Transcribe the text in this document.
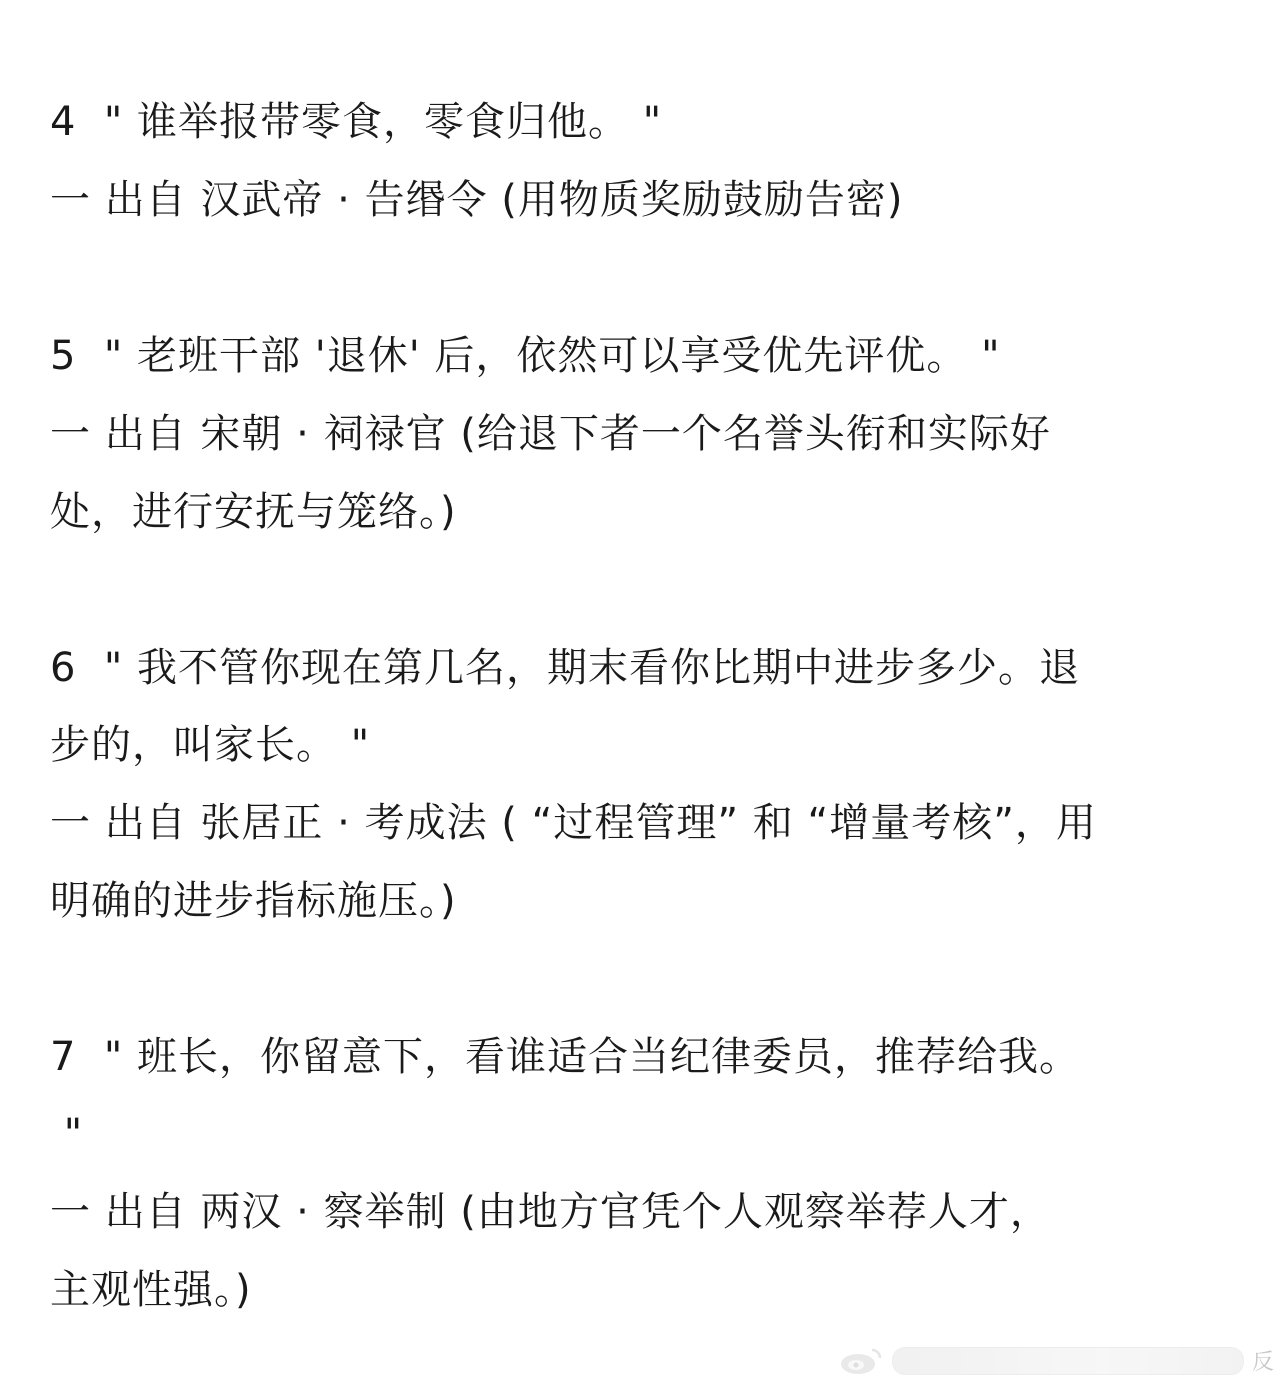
4  " 谁举报带零食，零食归他。 "
一 出自 汉武帝 · 告缗令 (用物质奖励鼓励告密)
5  " 老班干部 '退休' 后，依然可以享受优先评优。 "
一 出自 宋朝 · 祠禄官 (给退下者一个名誉头衔和实际好
处，进行安抚与笼络。)
6  " 我不管你现在第几名，期末看你比期中进步多少。退
步的，叫家长。 "
一 出自 张居正 · 考成法 ( “过程管理” 和 “增量考核”，用
明确的进步指标施压。)
7  " 班长，你留意下，看谁适合当纪律委员，推荐给我。
"
一 出自 两汉 · 察举制 (由地方官凭个人观察举荐人才，
主观性强。)
反
